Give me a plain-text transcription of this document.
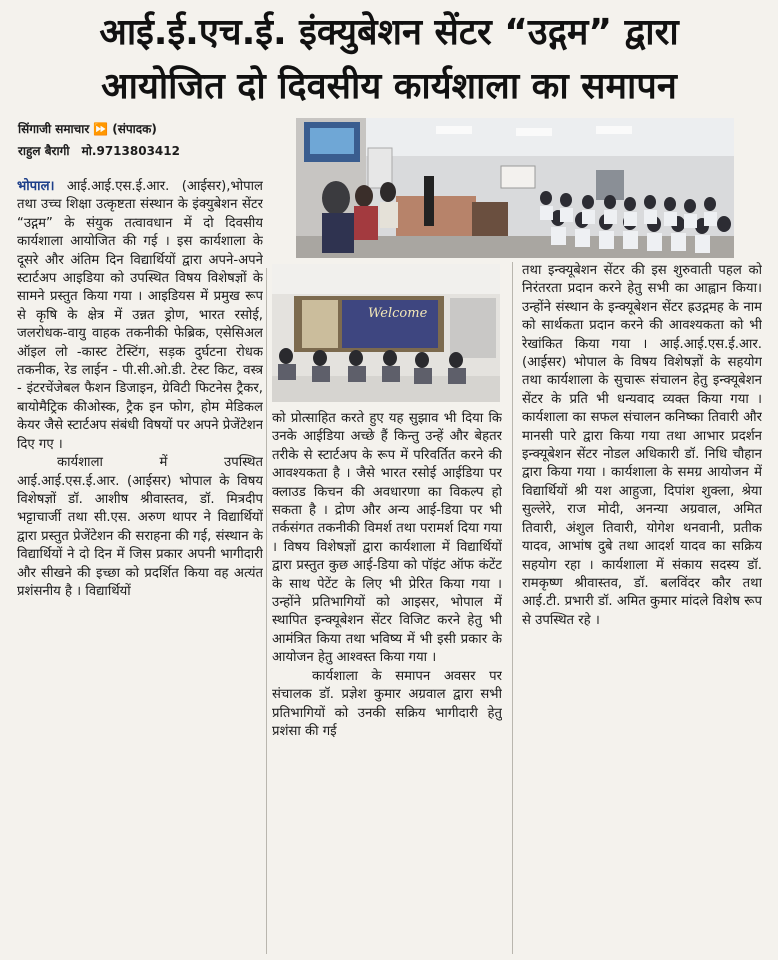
आई.ई.एच.ई. इंक्युबेशन सेंटर “उद्गम” द्वारा
आयोजित दो दिवसीय कार्यशाला का समापन
सिंगाजी समाचार ⏩ (संपादक)
राहुल बैरागी मो.9713803412
Welcome

भोपाल। आई.आई.एस.ई.आर. (आईसर),भोपाल तथा उच्च शिक्षा उत्कृष्टता संस्थान के इंक्युबेशन सेंटर “उद्गम” के संयुक तत्वावधान में दो दिवसीय कार्यशाला आयोजित की गई । इस कार्यशाला के दूसरे और अंतिम दिन विद्यार्थियों द्वारा अपने-अपने स्टार्टअप आइडिया को उपस्थित विषय विशेषज्ञों के सामने प्रस्तुत किया गया । आइडियस में प्रमुख रूप से कृषि के क्षेत्र में उन्नत ड्रोण, भारत रसोई, जलरोधक-वायु वाहक तकनीकी फेब्रिक, एसेसिअल ऑइल लो -कास्ट टेस्टिंग, सड़क दुर्घटना रोधक तकनीक, रेड लाईन - पी.सी.ओ.डी. टेस्ट किट, वस्त्र - इंटरचेंजेबल फैशन डिजाइन, ग्रेविटी फिटनेस ट्रैकर, बायोमैट्रिक कीओस्क, ट्रैक इन फोग, होम मेडिकल केयर जैसे स्टार्टअप संबंधी विषयों पर अपने प्रेजेंटेशन दिए गए ।

कार्यशाला में उपस्थित आई.आई.एस.ई.आर. (आईसर) भोपाल के विषय विशेषज्ञों डॉ. आशीष श्रीवास्तव, डॉ. मित्रदीप भट्टाचार्जी तथा सी.एस. अरुण थापर ने विद्यार्थियों द्वारा प्रस्तुत प्रेजेंटेशन की सराहना की गई, संस्थान के विद्यार्थियों ने दो दिन में जिस प्रकार अपनी भागीदारी और सीखने की इच्छा को प्रदर्शित किया वह अत्यंत प्रशंसनीय है । विद्यार्थियों

को प्रोत्साहित करते हुए यह सुझाव भी दिया कि उनके आईडिया अच्छे हैं किन्तु उन्हें और बेहतर तरीके से स्टार्टअप के रूप में परिवर्तित करने की आवश्यकता है । जैसे भारत रसोई आईडिया पर क्लाउड किचन की अवधारणा का विकल्प हो सकता है । द्रोण और अन्य आई-डिया पर भी तर्कसंगत तकनीकी विमर्श तथा परामर्श दिया गया । विषय विशेषज्ञों द्वारा कार्यशाला में विद्यार्थियों द्वारा प्रस्तुत कुछ आई-डिया को पॉइंट ऑफ कंटेंट के साथ पेटेंट के लिए भी प्रेरित किया गया । उन्होंने प्रतिभागियों को आइसर, भोपाल में स्थापित इन्क्यूबेशन सेंटर विजिट करने हेतु भी आमंत्रित किया तथा भविष्य में भी इसी प्रकार के आयोजन हेतु आश्वस्त किया गया ।

कार्यशाला के समापन अवसर पर संचालक डॉ. प्रज्ञेश कुमार अग्रवाल द्वारा सभी प्रतिभागियों को उनकी सक्रिय भागीदारी हेतु प्रशंसा की गई

तथा इन्क्यूबेशन सेंटर की इस शुरुवाती पहल को निरंतरता प्रदान करने हेतु सभी का आह्वान किया। उन्होंने संस्थान के इन्क्यूबेशन सेंटर ह्रउद्गमह के नाम को सार्थकता प्रदान करने की आवश्यकता को भी रेखांकित किया गया । आई.आई.एस.ई.आर. (आईसर) भोपाल के विषय विशेषज्ञों के सहयोग तथा कार्यशाला के सुचारू संचालन हेतु इन्क्यूबेशन सेंटर के प्रति भी धन्यवाद व्यक्त किया गया । कार्यशाला का सफल संचालन कनिष्का तिवारी और मानसी पारे द्वारा किया गया तथा आभार प्रदर्शन इन्क्यूबेशन सेंटर नोडल अधिकारी डॉ. निधि चौहान द्वारा किया गया । कार्यशाला के समग्र आयोजन में विद्यार्थियों श्री यश आहुजा, दिपांश शुक्ला, श्रेया सुल्लेरे, राज मोदी, अनन्या अग्रवाल, अमित तिवारी, अंशुल तिवारी, योगेश थनवानी, प्रतीक यादव, आभांष दुबे तथा आदर्श यादव का सक्रिय सहयोग रहा । कार्यशाला में संकाय सदस्य डॉ. रामकृष्ण श्रीवास्तव, डॉ. बलविंदर कौर तथा आई.टी. प्रभारी डॉ. अमित कुमार मांदले विशेष रूप से उपस्थित रहे ।
